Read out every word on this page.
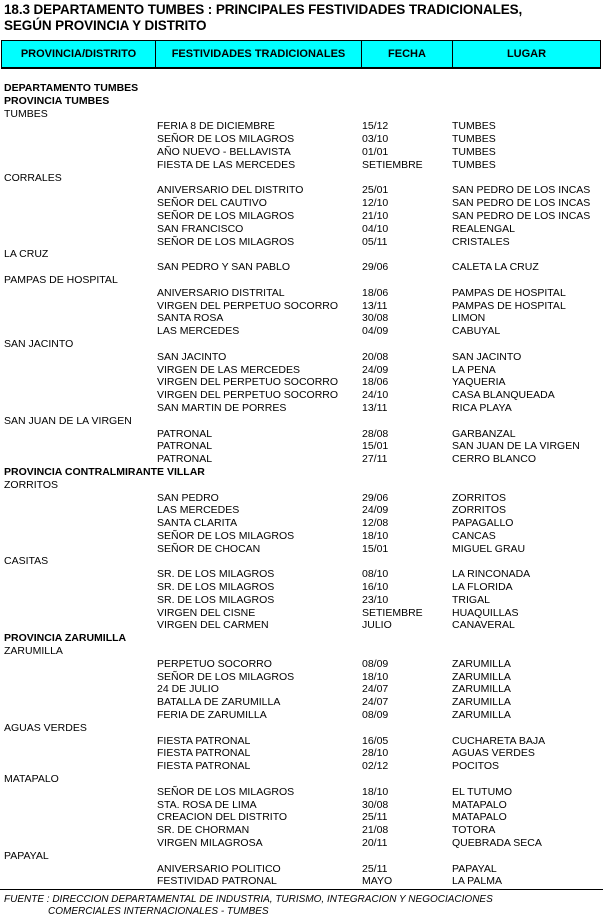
18.3 DEPARTAMENTO TUMBES : PRINCIPALES FESTIVIDADES TRADICIONALES,
SEGÚN PROVINCIA Y DISTRITO
PROVINCIA/DISTRITO	FESTIVIDADES TRADICIONALES	FECHA	LUGAR
DEPARTAMENTO TUMBES
PROVINCIA TUMBES
TUMBES
FERIA 8 DE DICIEMBRE	15/12	TUMBES
SEÑOR DE LOS MILAGROS	03/10	TUMBES
AÑO NUEVO - BELLAVISTA	01/01	TUMBES
FIESTA DE LAS MERCEDES	SETIEMBRE	TUMBES
CORRALES
ANIVERSARIO DEL DISTRITO	25/01	SAN PEDRO DE LOS INCAS
SEÑOR DEL CAUTIVO	12/10	SAN PEDRO DE LOS INCAS
SEÑOR DE LOS MILAGROS	21/10	SAN PEDRO DE LOS INCAS
SAN FRANCISCO	04/10	REALENGAL
SEÑOR DE LOS MILAGROS	05/11	CRISTALES
LA CRUZ
SAN PEDRO Y SAN PABLO	29/06	CALETA LA CRUZ
PAMPAS DE HOSPITAL
ANIVERSARIO DISTRITAL	18/06	PAMPAS DE HOSPITAL
VIRGEN DEL PERPETUO SOCORRO 13/11	PAMPAS DE HOSPITAL
SANTA ROSA	30/08	LIMON
LAS MERCEDES	04/09	CABUYAL
SAN JACINTO
SAN JACINTO	20/08	SAN JACINTO
VIRGEN DE LAS MERCEDES	24/09	LA PENA
VIRGEN DEL PERPETUO SOCORRO 18/06	YAQUERIA
VIRGEN DEL PERPETUO SOCORRO 24/10	CASA BLANQUEADA
SAN MARTIN DE PORRES	13/11	RICA PLAYA
SAN JUAN DE LA VIRGEN
PATRONAL	28/08	GARBANZAL
PATRONAL	15/01	SAN JUAN DE LA VIRGEN
PATRONAL	27/11	CERRO BLANCO
PROVINCIA CONTRALMIRANTE VILLAR
ZORRITOS
SAN PEDRO	29/06	ZORRITOS
LAS MERCEDES	24/09	ZORRITOS
SANTA CLARITA	12/08	PAPAGALLO
SEÑOR DE LOS MILAGROS	18/10	CANCAS
SEÑOR DE CHOCAN	15/01	MIGUEL GRAU
CASITAS
SR. DE LOS MILAGROS	08/10	LA RINCONADA
SR. DE LOS MILAGROS	16/10	LA FLORIDA
SR. DE LOS MILAGROS	23/10	TRIGAL
VIRGEN DEL CISNE	SETIEMBRE	HUAQUILLAS
VIRGEN DEL CARMEN	JULIO	CANAVERAL
PROVINCIA ZARUMILLA
ZARUMILLA
PERPETUO SOCORRO	08/09	ZARUMILLA
SEÑOR DE LOS MILAGROS	18/10	ZARUMILLA
24 DE JULIO	24/07	ZARUMILLA
BATALLA DE ZARUMILLA	24/07	ZARUMILLA
FERIA DE ZARUMILLA	08/09	ZARUMILLA
AGUAS VERDES
FIESTA PATRONAL	16/05	CUCHARETA BAJA
FIESTA PATRONAL	28/10	AGUAS VERDES
FIESTA PATRONAL	02/12	POCITOS
MATAPALO
SEÑOR DE LOS MILAGROS	18/10	EL TUTUMO
STA. ROSA DE LIMA	30/08	MATAPALO
CREACION DEL DISTRITO	25/11	MATAPALO
SR. DE CHORMAN	21/08	TOTORA
VIRGEN MILAGROSA	20/11	QUEBRADA SECA
PAPAYAL
ANIVERSARIO POLITICO	25/11	PAPAYAL
FESTIVIDAD PATRONAL	MAYO	LA PALMA
FUENTE : DIRECCION DEPARTAMENTAL DE INDUSTRIA, TURISMO, INTEGRACION Y NEGOCIACIONES
COMERCIALES INTERNACIONALES - TUMBES
